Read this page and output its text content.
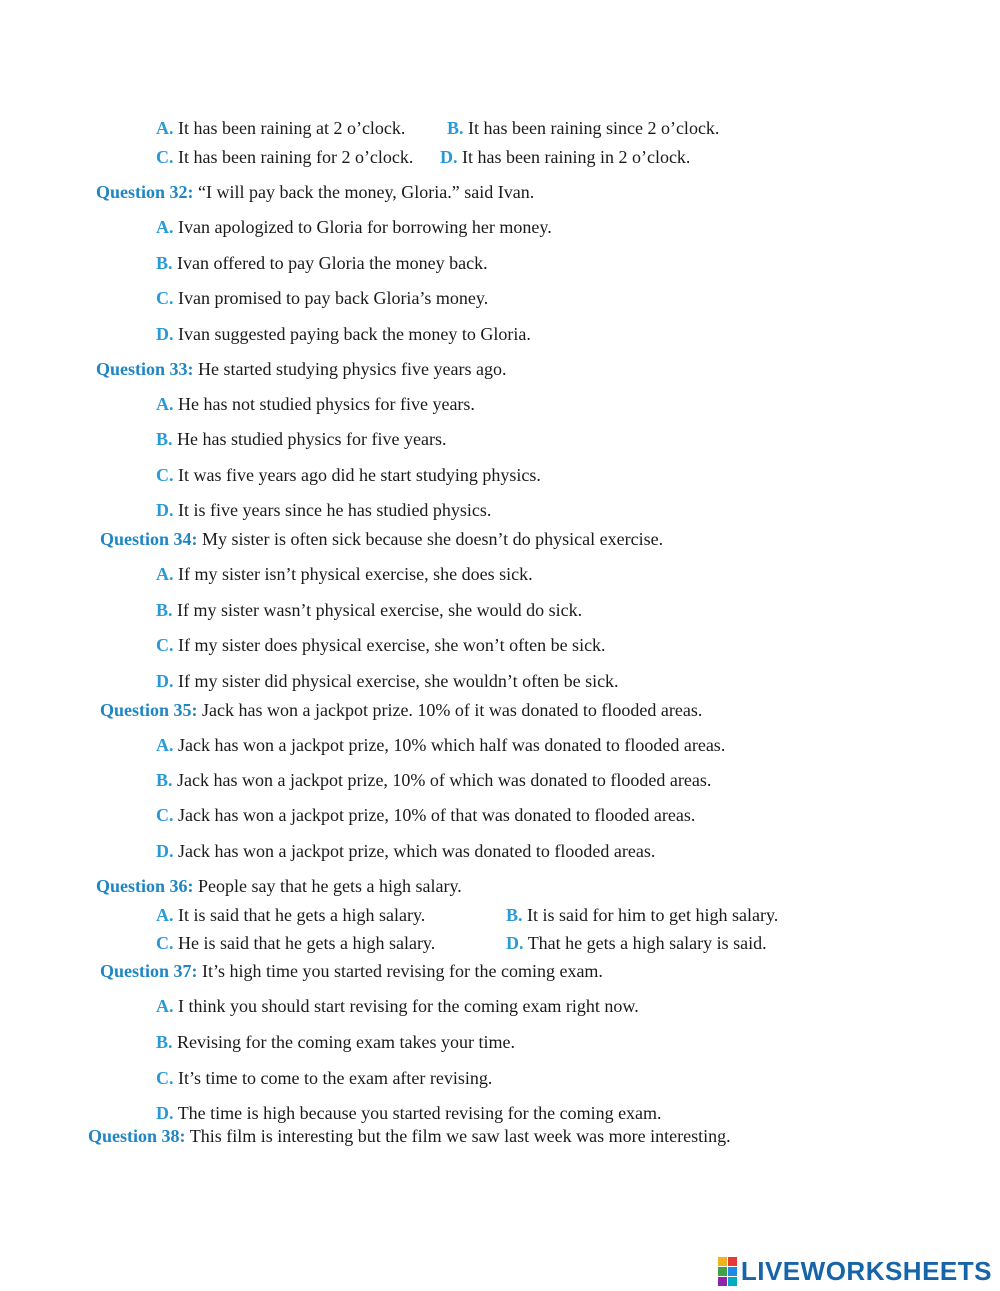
A. It has been raining at 2 o’clock. B. It has been raining since 2 o’clock.
C. It has been raining for 2 o’clock. D. It has been raining in 2 o’clock.
Question 32: “I will pay back the money, Gloria.” said Ivan.
A. Ivan apologized to Gloria for borrowing her money.
B. Ivan offered to pay Gloria the money back.
C. Ivan promised to pay back Gloria’s money.
D. Ivan suggested paying back the money to Gloria.
Question 33: He started studying physics five years ago.
A. He has not studied physics for five years.
B. He has studied physics for five years.
C. It was five years ago did he start studying physics.
D. It is five years since he has studied physics.
Question 34: My sister is often sick because she doesn’t do physical exercise.
A. If my sister isn’t physical exercise, she does sick.
B. If my sister wasn’t physical exercise, she would do sick.
C. If my sister does physical exercise, she won’t often be sick.
D. If my sister did physical exercise, she wouldn’t often be sick.
Question 35: Jack has won a jackpot prize. 10% of it was donated to flooded areas.
A. Jack has won a jackpot prize, 10% which half was donated to flooded areas.
B. Jack has won a jackpot prize, 10% of which was donated to flooded areas.
C. Jack has won a jackpot prize, 10% of that was donated to flooded areas.
D. Jack has won a jackpot prize, which was donated to flooded areas.
Question 36: People say that he gets a high salary.
A. It is said that he gets a high salary.	B. It is said for him to get high salary.
C. He is said that he gets a high salary.	D. That he gets a high salary is said.
Question 37: It’s high time you started revising for the coming exam.
A. I think you should start revising for the coming exam right now.
B. Revising for the coming exam takes your time.
C. It’s time to come to the exam after revising.
D. The time is high because you started revising for the coming exam.
Question 38: This film is interesting but the film we saw last week was more interesting.
LIVEWORKSHEETS
